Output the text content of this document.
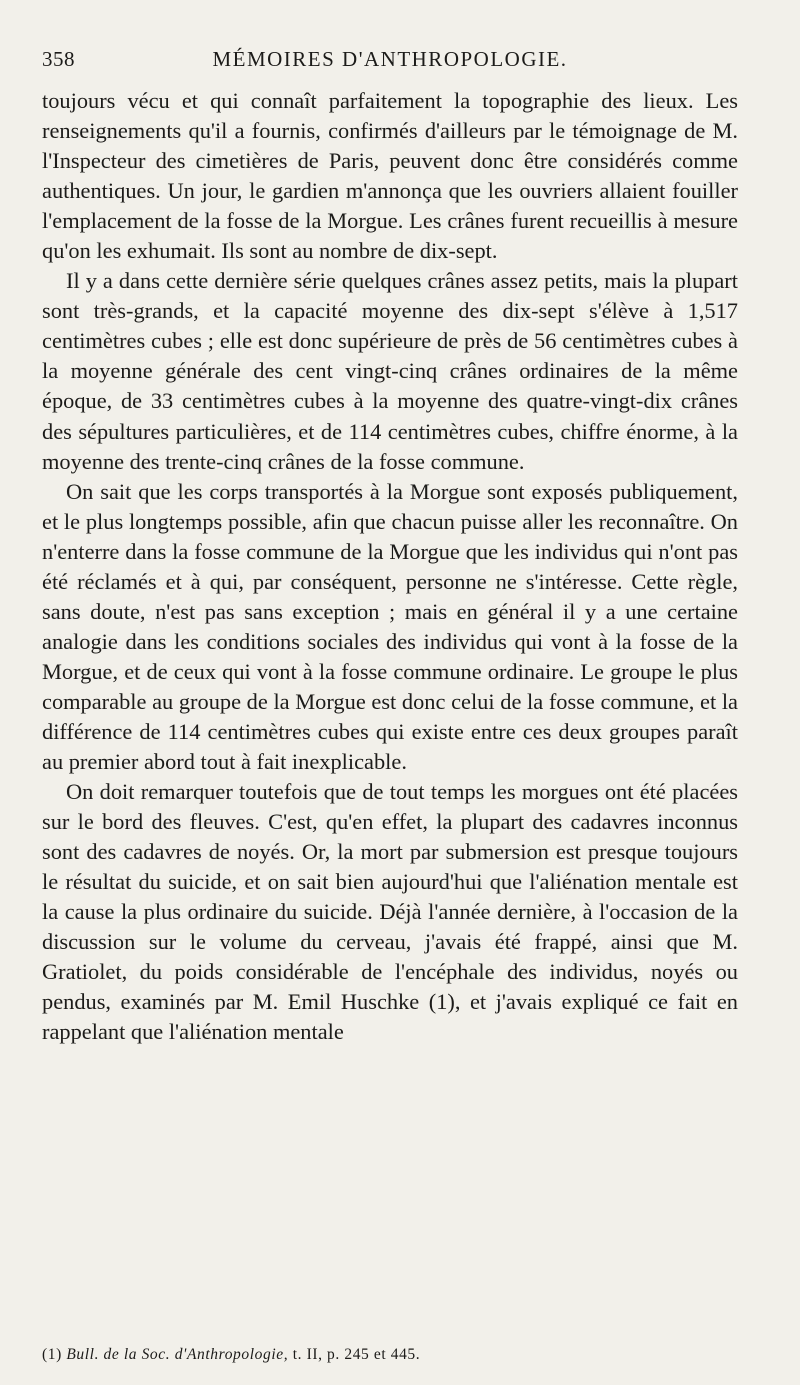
358	MÉMOIRES D'ANTHROPOLOGIE.

toujours vécu et qui connaît parfaitement la topographie des lieux. Les renseignements qu'il a fournis, confirmés d'ailleurs par le témoignage de M. l'Inspecteur des cimetières de Paris, peuvent donc être considérés comme authentiques. Un jour, le gardien m'annonça que les ouvriers allaient fouiller l'emplacement de la fosse de la Morgue. Les crânes furent recueillis à mesure qu'on les exhumait. Ils sont au nombre de dix-sept.

Il y a dans cette dernière série quelques crânes assez petits, mais la plupart sont très-grands, et la capacité moyenne des dix-sept s'élève à 1,517 centimètres cubes ; elle est donc supérieure de près de 56 centimètres cubes à la moyenne générale des cent vingt-cinq crânes ordinaires de la même époque, de 33 centimètres cubes à la moyenne des quatre-vingt-dix crânes des sépultures particulières, et de 114 centimètres cubes, chiffre énorme, à la moyenne des trente-cinq crânes de la fosse commune.

On sait que les corps transportés à la Morgue sont exposés publiquement, et le plus longtemps possible, afin que chacun puisse aller les reconnaître. On n'enterre dans la fosse commune de la Morgue que les individus qui n'ont pas été réclamés et à qui, par conséquent, personne ne s'intéresse. Cette règle, sans doute, n'est pas sans exception ; mais en général il y a une certaine analogie dans les conditions sociales des individus qui vont à la fosse de la Morgue, et de ceux qui vont à la fosse commune ordinaire. Le groupe le plus comparable au groupe de la Morgue est donc celui de la fosse commune, et la différence de 114 centimètres cubes qui existe entre ces deux groupes paraît au premier abord tout à fait inexplicable.

On doit remarquer toutefois que de tout temps les morgues ont été placées sur le bord des fleuves. C'est, qu'en effet, la plupart des cadavres inconnus sont des cadavres de noyés. Or, la mort par submersion est presque toujours le résultat du suicide, et on sait bien aujourd'hui que l'aliénation mentale est la cause la plus ordinaire du suicide. Déjà l'année dernière, à l'occasion de la discussion sur le volume du cerveau, j'avais été frappé, ainsi que M. Gratiolet, du poids considérable de l'encéphale des individus, noyés ou pendus, examinés par M. Emil Huschke (1), et j'avais expliqué ce fait en rappelant que l'aliénation mentale

(1) Bull. de la Soc. d'Anthropologie, t. II, p. 245 et 445.
